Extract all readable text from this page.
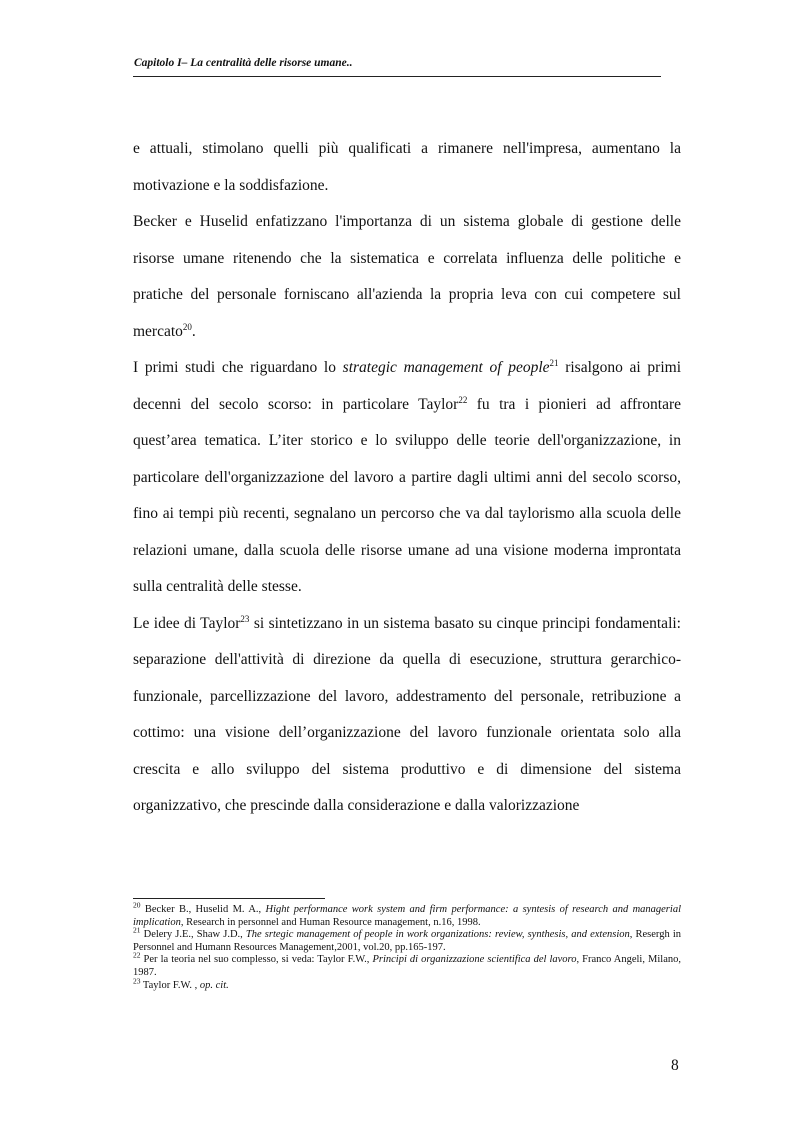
Capitolo I– La centralità delle risorse umane..

e attuali, stimolano quelli più qualificati a rimanere nell'impresa, aumentano la motivazione e la soddisfazione.

Becker e Huselid enfatizzano l'importanza di un sistema globale di gestione delle risorse umane ritenendo che la sistematica e correlata influenza delle politiche e pratiche del personale forniscano all'azienda la propria leva con cui competere sul mercato$^{20}$.

I primi studi che riguardano lo strategic management of people$^{21}$ risalgono ai primi decenni del secolo scorso: in particolare Taylor$^{22}$ fu tra i pionieri ad affrontare quest’area tematica. L’iter storico e lo sviluppo delle teorie dell'organizzazione, in particolare dell'organizzazione del lavoro a partire dagli ultimi anni del secolo scorso, fino ai tempi più recenti, segnalano un percorso che va dal taylorismo alla scuola delle relazioni umane, dalla scuola delle risorse umane ad una visione moderna improntata sulla centralità delle stesse.

Le idee di Taylor$^{23}$ si sintetizzano in un sistema basato su cinque principi fondamentali: separazione dell'attività di direzione da quella di esecuzione, struttura gerarchico-funzionale, parcellizzazione del lavoro, addestramento del personale, retribuzione a cottimo: una visione dell’organizzazione del lavoro funzionale orientata solo alla crescita e allo sviluppo del sistema produttivo e di dimensione del sistema organizzativo, che prescinde dalla considerazione e dalla valorizzazione

$^{20}$ Becker B., Huselid M. A., Hight performance work system and firm performance: a syntesis of research and managerial implication, Research in personnel and Human Resource management, n.16, 1998.

$^{21}$ Delery J.E., Shaw J.D., The srtegic management of people in work organizations: review, synthesis, and extension, Resergh in Personnel and Humann Resources Management,2001, vol.20, pp.165-197.

$^{22}$ Per la teoria nel suo complesso, si veda: Taylor F.W., Principi di organizzazione scientifica del lavoro, Franco Angeli, Milano, 1987.

$^{23}$ Taylor F.W. , op. cit.

8
